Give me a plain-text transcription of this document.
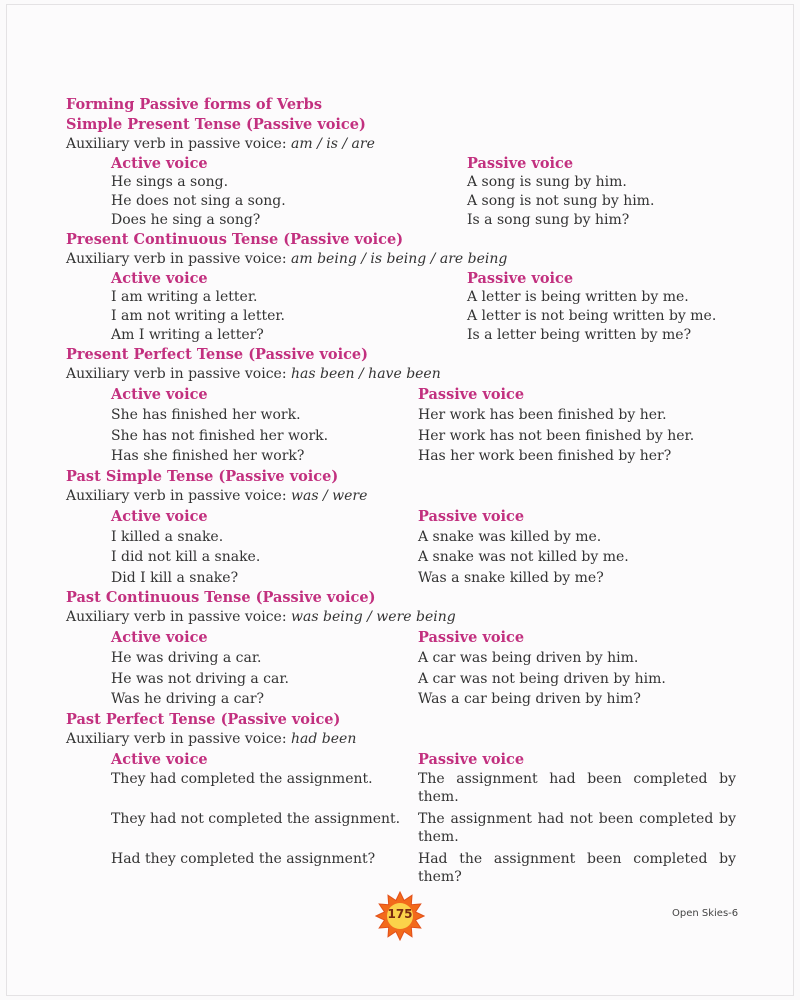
Forming Passive forms of Verbs
Simple Present Tense (Passive voice)
Auxiliary verb in passive voice: am / is / are
Active voice	Passive voice
He sings a song.	A song is sung by him.
He does not sing a song.	A song is not sung by him.
Does he sing a song?	Is a song sung by him?
Present Continuous Tense (Passive voice)
Auxiliary verb in passive voice: am being / is being / are being
Active voice	Passive voice
I am writing a letter.	A letter is being written by me.
I am not writing a letter.	A letter is not being written by me.
Am I writing a letter?	Is a letter being written by me?
Present Perfect Tense (Passive voice)
Auxiliary verb in passive voice: has been / have been
Active voice	Passive voice
She has finished her work.	Her work has been finished by her.
She has not finished her work.	Her work has not been finished by her.
Has she finished her work?	Has her work been finished by her?
Past Simple Tense (Passive voice)
Auxiliary verb in passive voice: was / were
Active voice	Passive voice
I killed a snake.	A snake was killed by me.
I did not kill a snake.	A snake was not killed by me.
Did I kill a snake?	Was a snake killed by me?
Past Continuous Tense (Passive voice)
Auxiliary verb in passive voice: was being / were being
Active voice	Passive voice
He was driving a car.	A car was being driven by him.
He was not driving a car.	A car was not being driven by him.
Was he driving a car?	Was a car being driven by him?
Past Perfect Tense (Passive voice)
Auxiliary verb in passive voice: had been
Active voice	Passive voice
They had completed the assignment.	The assignment had been completed by them.
They had not completed the assignment.	The assignment had not been completed by them.
Had they completed the assignment?	Had the assignment been completed by them?
175	Open Skies-6
